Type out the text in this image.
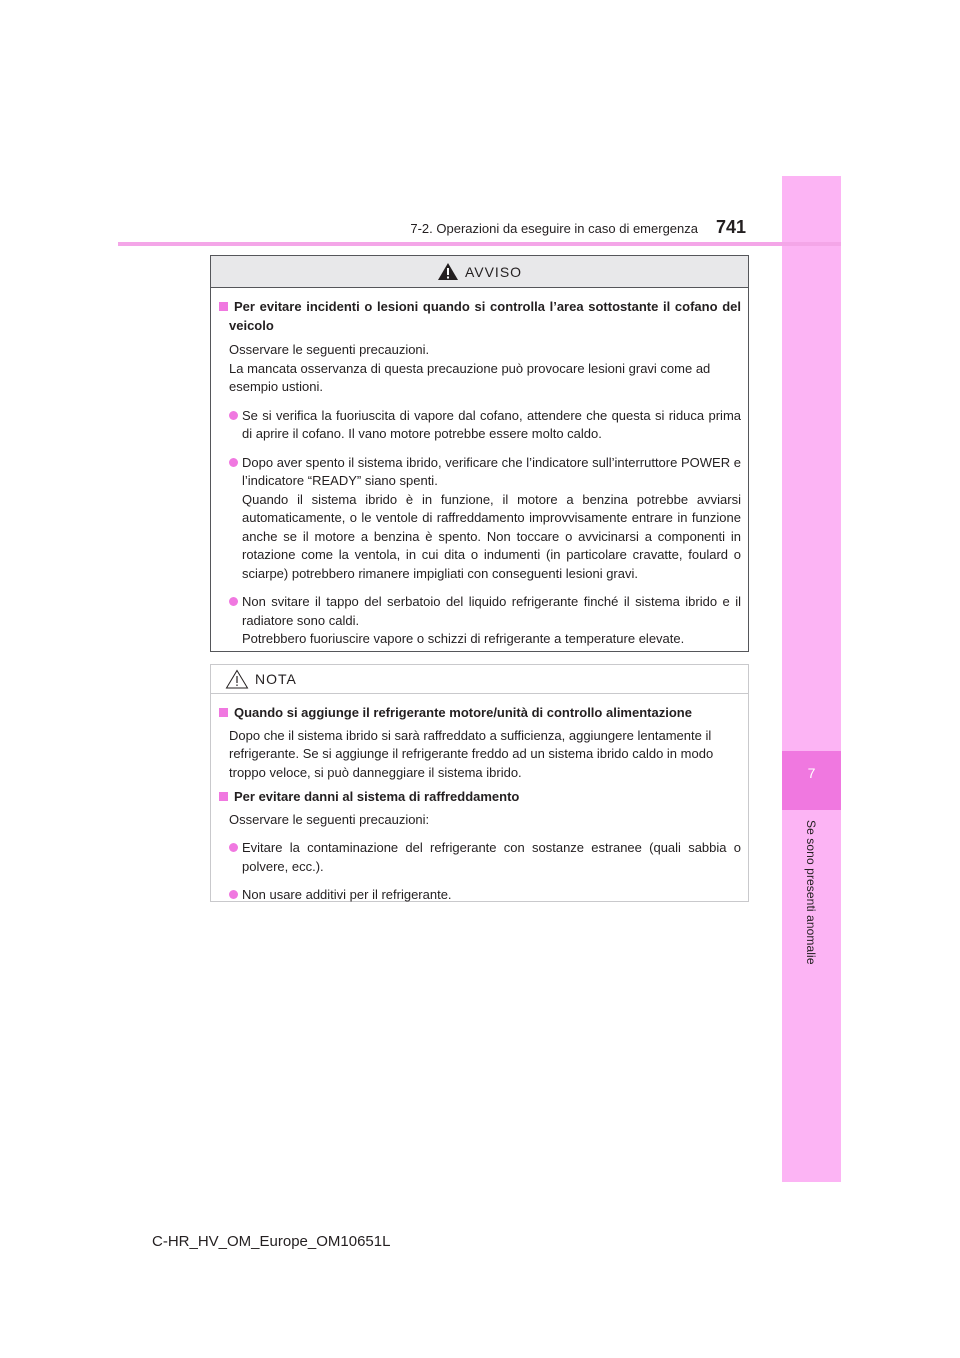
7
Se sono presenti anomalie
7-2. Operazioni da eseguire in caso di emergenza 741
AVVISO
Per evitare incidenti o lesioni quando si controlla l’area sottostante il cofano del veicolo
Osservare le seguenti precauzioni.
La mancata osservanza di questa precauzione può provocare lesioni gravi come ad esempio ustioni.
Se si verifica la fuoriuscita di vapore dal cofano, attendere che questa si riduca prima di aprire il cofano. Il vano motore potrebbe essere molto caldo.
Dopo aver spento il sistema ibrido, verificare che l’indicatore sull’interruttore POWER e l’indicatore “READY” siano spenti.
Quando il sistema ibrido è in funzione, il motore a benzina potrebbe avviarsi automaticamente, o le ventole di raffreddamento improvvisamente entrare in funzione anche se il motore a benzina è spento. Non toccare o avvicinarsi a componenti in rotazione come la ventola, in cui dita o indumenti (in particolare cravatte, foulard o sciarpe) potrebbero rimanere impigliati con conseguenti lesioni gravi.
Non svitare il tappo del serbatoio del liquido refrigerante finché il sistema ibrido e il radiatore sono caldi.
Potrebbero fuoriuscire vapore o schizzi di refrigerante a temperature elevate.
NOTA
Quando si aggiunge il refrigerante motore/unità di controllo alimentazione
Dopo che il sistema ibrido si sarà raffreddato a sufficienza, aggiungere lentamente il refrigerante. Se si aggiunge il refrigerante freddo ad un sistema ibrido caldo in modo troppo veloce, si può danneggiare il sistema ibrido.
Per evitare danni al sistema di raffreddamento
Osservare le seguenti precauzioni:
Evitare la contaminazione del refrigerante con sostanze estranee (quali sabbia o polvere, ecc.).
Non usare additivi per il refrigerante.
C-HR_HV_OM_Europe_OM10651L
